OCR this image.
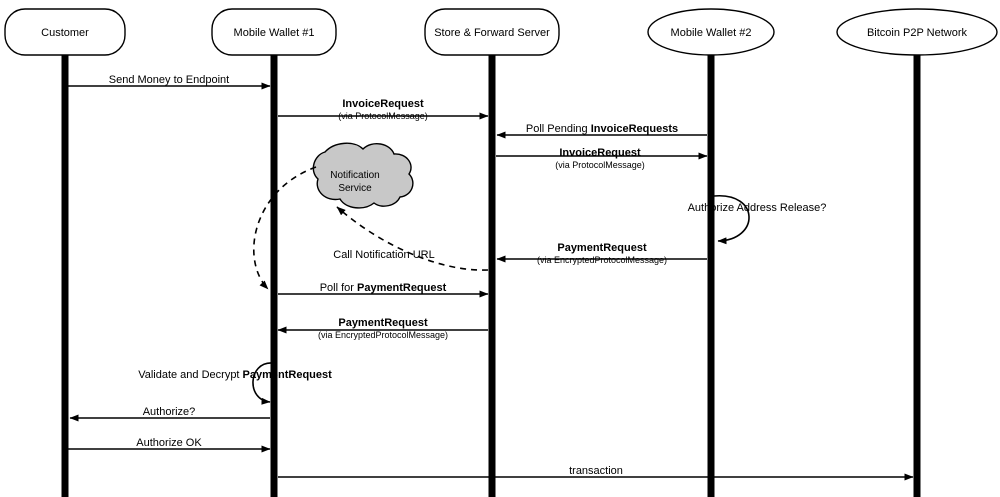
Customer	Mobile Wallet #1	Store & Forward Server	Mobile Wallet #2	Bitcoin P2P Network
Notification
Service
Send Money to Endpoint
InvoiceRequest
(via ProtocolMessage)
Poll Pending InvoiceRequests
InvoiceRequest
(via ProtocolMessage)
Authorize Address Release?
PaymentRequest
(via EncryptedProtocolMessage)
Call Notification URL
Poll for PaymentRequest
PaymentRequest
(via EncryptedProtocolMessage)
Validate and Decrypt PaymentRequest
Authorize?
Authorize OK
transaction
